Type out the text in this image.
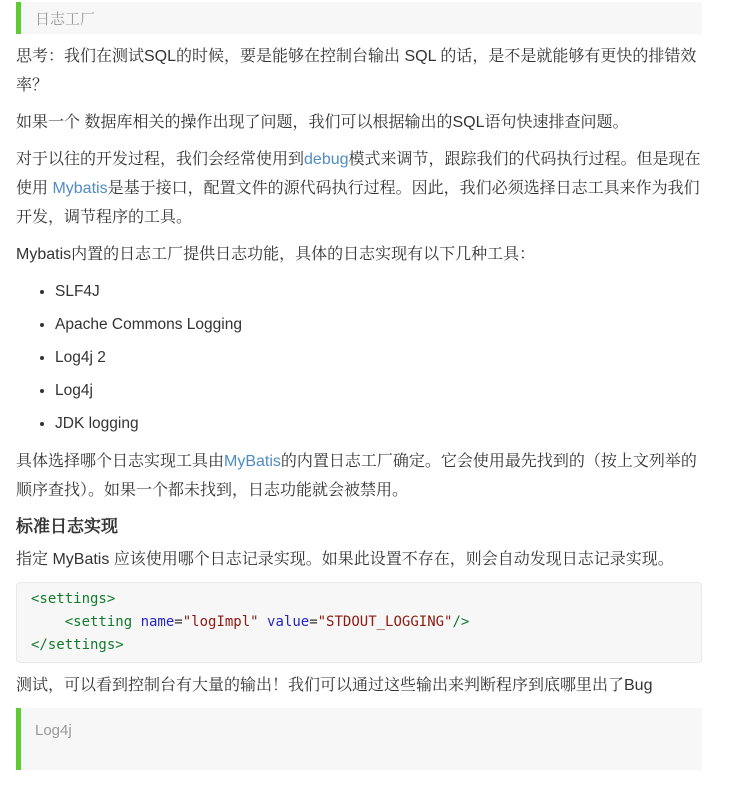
日志工厂

思考：我们在测试SQL的时候，要是能够在控制台输出 SQL 的话，是不是就能够有更快的排错效率？

如果一个 数据库相关的操作出现了问题，我们可以根据输出的SQL语句快速排查问题。

对于以往的开发过程，我们会经常使用到debug模式来调节，跟踪我们的代码执行过程。但是现在使用 Mybatis是基于接口，配置文件的源代码执行过程。因此，我们必须选择日志工具来作为我们开发，调节程序的工具。

Mybatis内置的日志工厂提供日志功能，具体的日志实现有以下几种工具：

• SLF4J
• Apache Commons Logging
• Log4j 2
• Log4j
• JDK logging

具体选择哪个日志实现工具由MyBatis的内置日志工厂确定。它会使用最先找到的（按上文列举的顺序查找）。如果一个都未找到，日志功能就会被禁用。

标准日志实现

指定 MyBatis 应该使用哪个日志记录实现。如果此设置不存在，则会自动发现日志记录实现。

<settings>
<setting name="logImpl" value="STDOUT_LOGGING"/>
</settings>

测试，可以看到控制台有大量的输出！我们可以通过这些输出来判断程序到底哪里出了Bug

Log4j
